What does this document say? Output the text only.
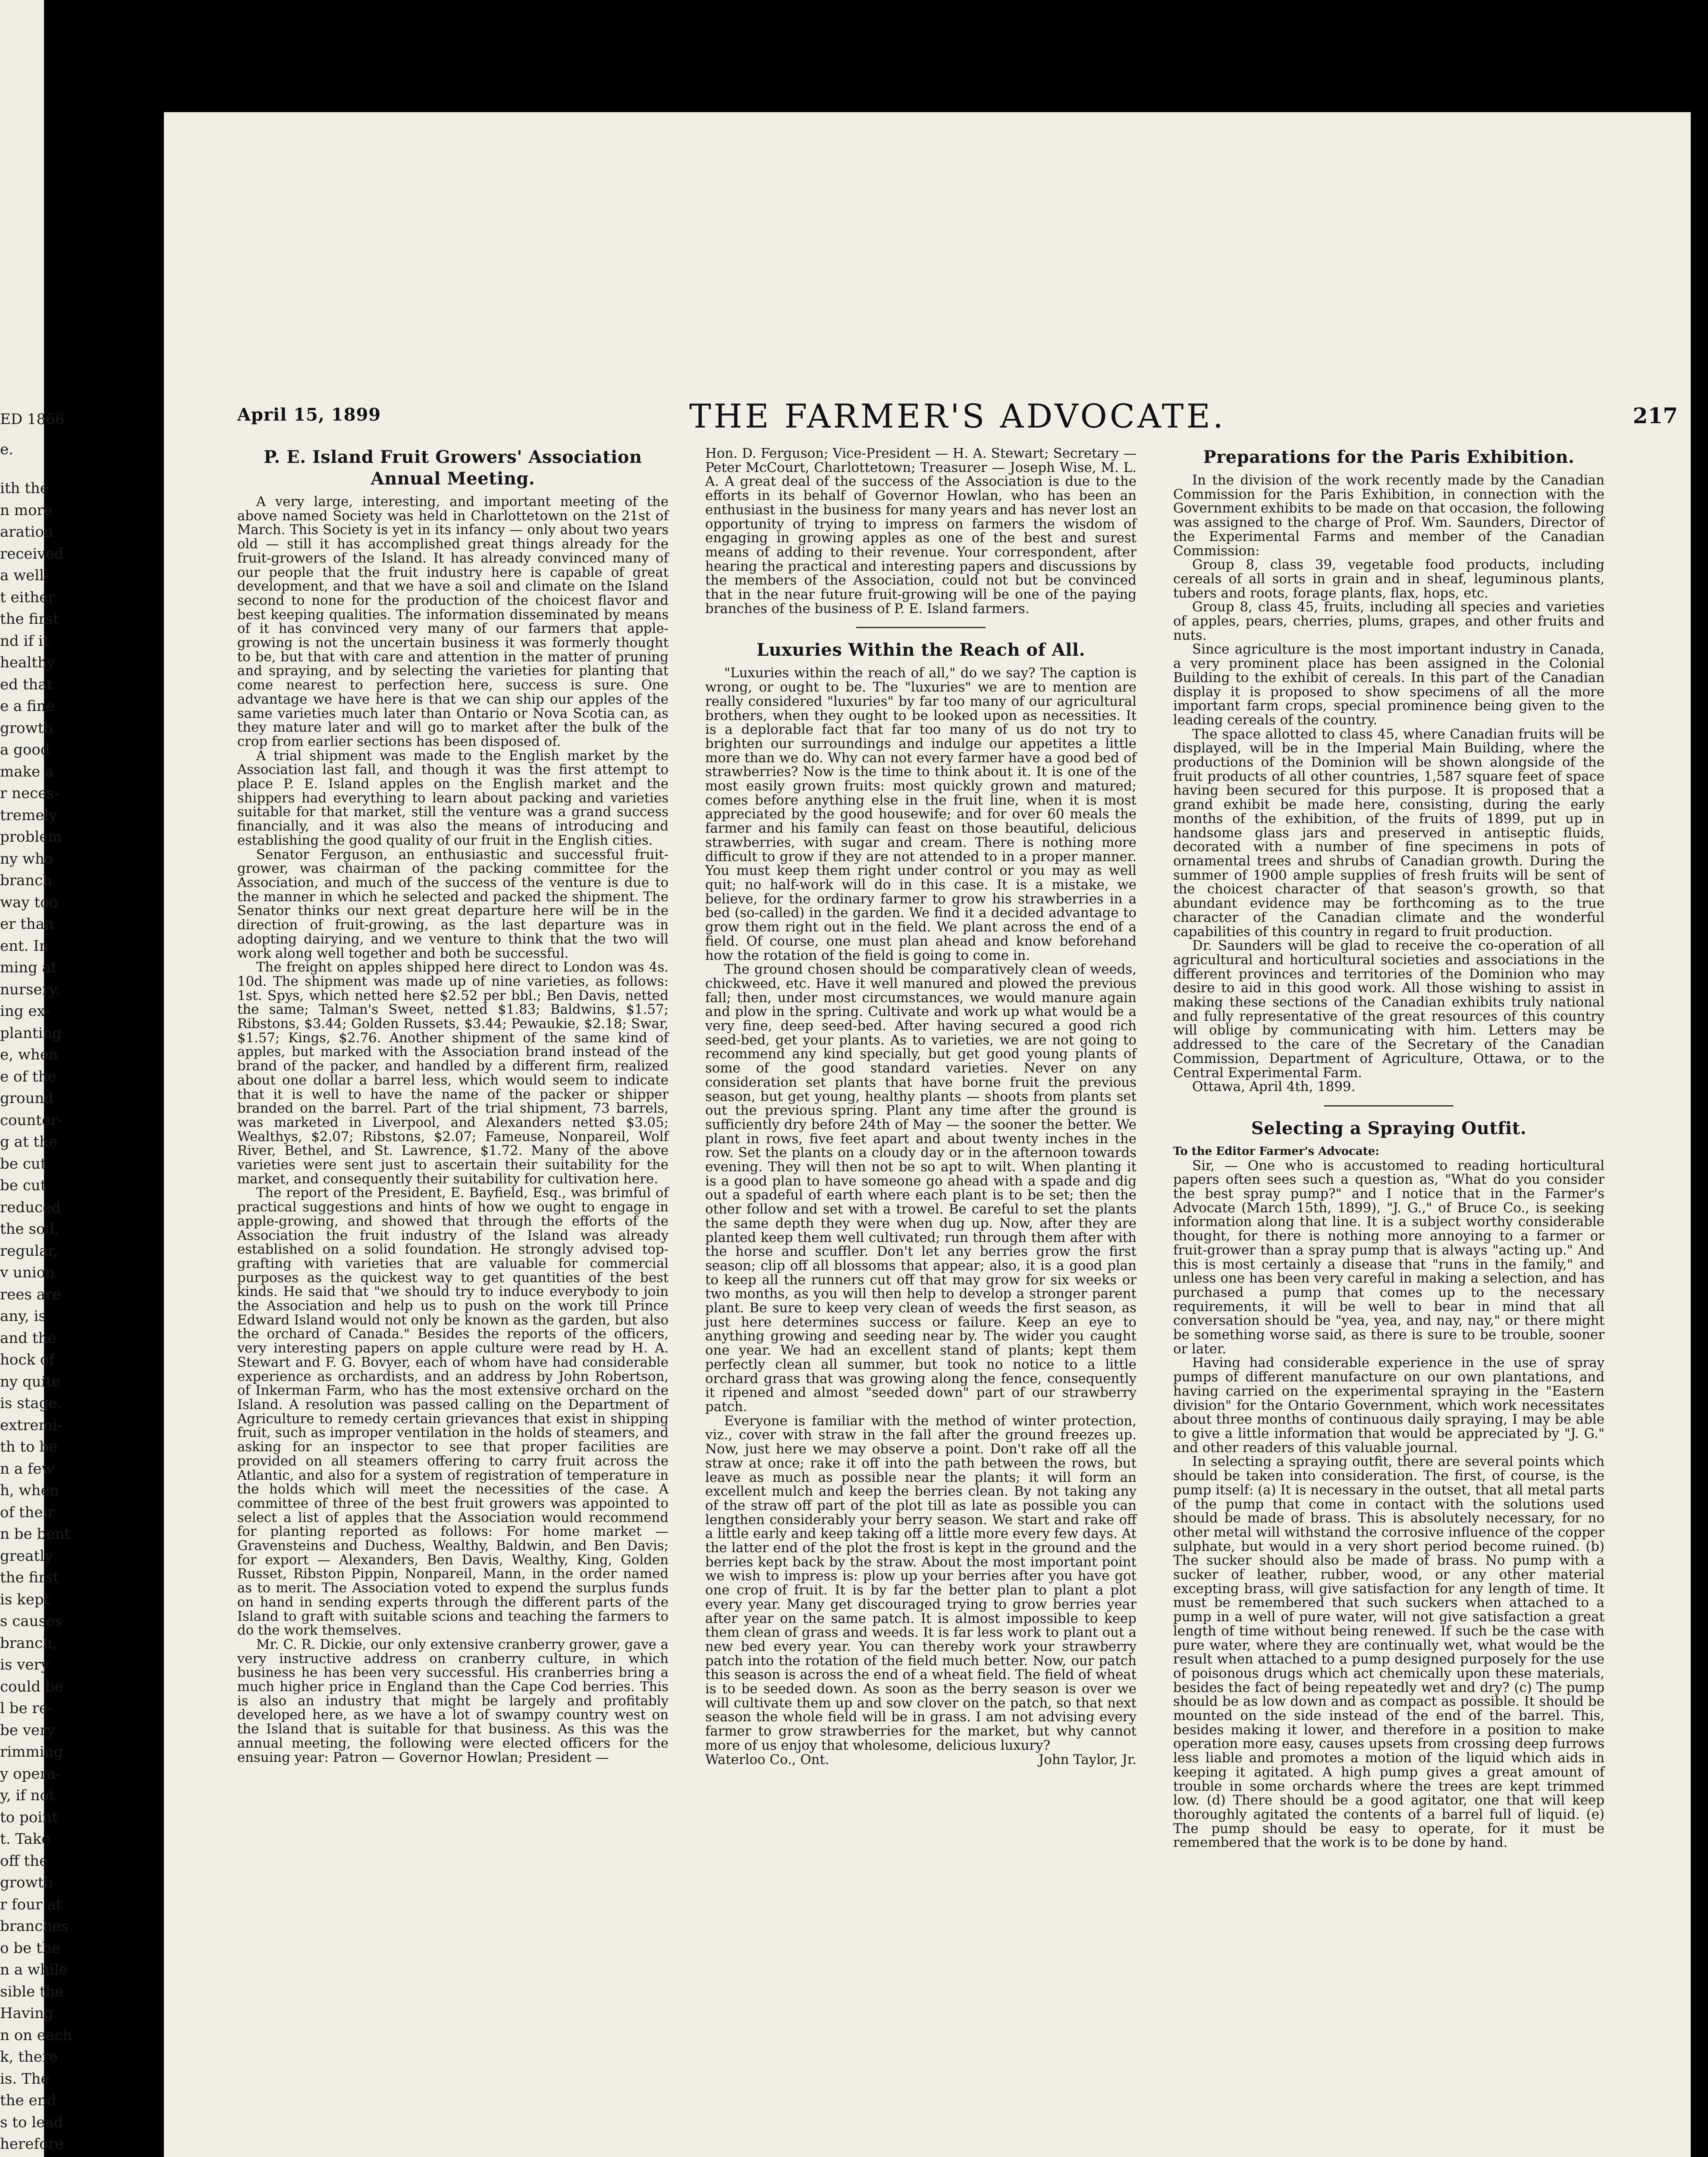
ED 1866
e.
ith the
n more
aration
received
a well-
t either
the first
nd if it
healthy
ed that
e a fine
growth
a good
make a
r neces-
tremely
problem
ny who
branch
way too
er than
ent. In
ming at
nursery.
ing ex-
planting
e, when
e of the
ground
counter-
g at the
be cut
be cut
reduced
the soil,
regular,
v union
rees are
any, is
and the
hock of
ny quite
is stage.
extremi-
th to be
n a few
h, when
of their
n be bent
greatly
the first
is kept
s causes
branch,
is very
could be
l be re-
be very
rimming
y opera-
y, if not
to point
t. Take
off the
growth
r four at
branches
o be the
n a while
sible the
Having
n on each
k, there
is. The
the end
s to lead
herefore
April 15, 1899	THE FARMER'S ADVOCATE.	217
P. E. Island Fruit Growers' Association Annual Meeting.

A very large, interesting, and important meeting of the above named Society was held in Charlottetown on the 21st of March. This Society is yet in its infancy — only about two years old — still it has accomplished great things already for the fruit-growers of the Island. It has already convinced many of our people that the fruit industry here is capable of great development, and that we have a soil and climate on the Island second to none for the production of the choicest flavor and best keeping qualities. The information disseminated by means of it has convinced very many of our farmers that apple-growing is not the uncertain business it was formerly thought to be, but that with care and attention in the matter of pruning and spraying, and by selecting the varieties for planting that come nearest to perfection here, success is sure. One advantage we have here is that we can ship our apples of the same varieties much later than Ontario or Nova Scotia can, as they mature later and will go to market after the bulk of the crop from earlier sections has been disposed of.

A trial shipment was made to the English market by the Association last fall, and though it was the first attempt to place P. E. Island apples on the English market and the shippers had everything to learn about packing and varieties suitable for that market, still the venture was a grand success financially, and it was also the means of introducing and establishing the good quality of our fruit in the English cities.

Senator Ferguson, an enthusiastic and successful fruit-grower, was chairman of the packing committee for the Association, and much of the success of the venture is due to the manner in which he selected and packed the shipment. The Senator thinks our next great departure here will be in the direction of fruit-growing, as the last departure was in adopting dairying, and we venture to think that the two will work along well together and both be successful.

The freight on apples shipped here direct to London was 4s. 10d. The shipment was made up of nine varieties, as follows: 1st. Spys, which netted here $2.52 per bbl.; Ben Davis, netted the same; Talman's Sweet, netted $1.83; Baldwins, $1.57; Ribstons, $3.44; Golden Russets, $3.44; Pewaukie, $2.18; Swar, $1.57; Kings, $2.76. Another shipment of the same kind of apples, but marked with the Association brand instead of the brand of the packer, and handled by a different firm, realized about one dollar a barrel less, which would seem to indicate that it is well to have the name of the packer or shipper branded on the barrel. Part of the trial shipment, 73 barrels, was marketed in Liverpool, and Alexanders netted $3.05; Wealthys, $2.07; Ribstons, $2.07; Fameuse, Nonpareil, Wolf River, Bethel, and St. Lawrence, $1.72. Many of the above varieties were sent just to ascertain their suitability for the market, and consequently their suitability for cultivation here.

The report of the President, E. Bayfield, Esq., was brimful of practical suggestions and hints of how we ought to engage in apple-growing, and showed that through the efforts of the Association the fruit industry of the Island was already established on a solid foundation. He strongly advised top-grafting with varieties that are valuable for commercial purposes as the quickest way to get quantities of the best kinds. He said that "we should try to induce everybody to join the Association and help us to push on the work till Prince Edward Island would not only be known as the garden, but also the orchard of Canada." Besides the reports of the officers, very interesting papers on apple culture were read by H. A. Stewart and F. G. Bovyer, each of whom have had considerable experience as orchardists, and an address by John Robertson, of Inkerman Farm, who has the most extensive orchard on the Island. A resolution was passed calling on the Department of Agriculture to remedy certain grievances that exist in shipping fruit, such as improper ventilation in the holds of steamers, and asking for an inspector to see that proper facilities are provided on all steamers offering to carry fruit across the Atlantic, and also for a system of registration of temperature in the holds which will meet the necessities of the case. A committee of three of the best fruit growers was appointed to select a list of apples that the Association would recommend for planting reported as follows: For home market — Gravensteins and Duchess, Wealthy, Baldwin, and Ben Davis; for export — Alexanders, Ben Davis, Wealthy, King, Golden Russet, Ribston Pippin, Nonpareil, Mann, in the order named as to merit. The Association voted to expend the surplus funds on hand in sending experts through the different parts of the Island to graft with suitable scions and teaching the farmers to do the work themselves.

Mr. C. R. Dickie, our only extensive cranberry grower, gave a very instructive address on cranberry culture, in which business he has been very successful. His cranberries bring a much higher price in England than the Cape Cod berries. This is also an industry that might be largely and profitably developed here, as we have a lot of swampy country west on the Island that is suitable for that business. As this was the annual meeting, the following were elected officers for the ensuing year: Patron — Governor Howlan; President —

Hon. D. Ferguson; Vice-President — H. A. Stewart; Secretary — Peter McCourt, Charlottetown; Treasurer — Joseph Wise, M. L. A. A great deal of the success of the Association is due to the efforts in its behalf of Governor Howlan, who has been an enthusiast in the business for many years and has never lost an opportunity of trying to impress on farmers the wisdom of engaging in growing apples as one of the best and surest means of adding to their revenue. Your correspondent, after hearing the practical and interesting papers and discussions by the members of the Association, could not but be convinced that in the near future fruit-growing will be one of the paying branches of the business of P. E. Island farmers.

Luxuries Within the Reach of All.

"Luxuries within the reach of all," do we say? The caption is wrong, or ought to be. The "luxuries" we are to mention are really considered "luxuries" by far too many of our agricultural brothers, when they ought to be looked upon as necessities. It is a deplorable fact that far too many of us do not try to brighten our surroundings and indulge our appetites a little more than we do. Why can not every farmer have a good bed of strawberries? Now is the time to think about it. It is one of the most easily grown fruits: most quickly grown and matured; comes before anything else in the fruit line, when it is most appreciated by the good housewife; and for over 60 meals the farmer and his family can feast on those beautiful, delicious strawberries, with sugar and cream. There is nothing more difficult to grow if they are not attended to in a proper manner. You must keep them right under control or you may as well quit; no half-work will do in this case. It is a mistake, we believe, for the ordinary farmer to grow his strawberries in a bed (so-called) in the garden. We find it a decided advantage to grow them right out in the field. We plant across the end of a field. Of course, one must plan ahead and know beforehand how the rotation of the field is going to come in.

The ground chosen should be comparatively clean of weeds, chickweed, etc. Have it well manured and plowed the previous fall; then, under most circumstances, we would manure again and plow in the spring. Cultivate and work up what would be a very fine, deep seed-bed. After having secured a good rich seed-bed, get your plants. As to varieties, we are not going to recommend any kind specially, but get good young plants of some of the good standard varieties. Never on any consideration set plants that have borne fruit the previous season, but get young, healthy plants — shoots from plants set out the previous spring. Plant any time after the ground is sufficiently dry before 24th of May — the sooner the better. We plant in rows, five feet apart and about twenty inches in the row. Set the plants on a cloudy day or in the afternoon towards evening. They will then not be so apt to wilt. When planting it is a good plan to have someone go ahead with a spade and dig out a spadeful of earth where each plant is to be set; then the other follow and set with a trowel. Be careful to set the plants the same depth they were when dug up. Now, after they are planted keep them well cultivated; run through them after with the horse and scuffler. Don't let any berries grow the first season; clip off all blossoms that appear; also, it is a good plan to keep all the runners cut off that may grow for six weeks or two months, as you will then help to develop a stronger parent plant. Be sure to keep very clean of weeds the first season, as just here determines success or failure. Keep an eye to anything growing and seeding near by. The wider you caught one year. We had an excellent stand of plants; kept them perfectly clean all summer, but took no notice to a little orchard grass that was growing along the fence, consequently it ripened and almost "seeded down" part of our strawberry patch.

Everyone is familiar with the method of winter protection, viz., cover with straw in the fall after the ground freezes up. Now, just here we may observe a point. Don't rake off all the straw at once; rake it off into the path between the rows, but leave as much as possible near the plants; it will form an excellent mulch and keep the berries clean. By not taking any of the straw off part of the plot till as late as possible you can lengthen considerably your berry season. We start and rake off a little early and keep taking off a little more every few days. At the latter end of the plot the frost is kept in the ground and the berries kept back by the straw. About the most important point we wish to impress is: plow up your berries after you have got one crop of fruit. It is by far the better plan to plant a plot every year. Many get discouraged trying to grow berries year after year on the same patch. It is almost impossible to keep them clean of grass and weeds. It is far less work to plant out a new bed every year. You can thereby work your strawberry patch into the rotation of the field much better. Now, our patch this season is across the end of a wheat field. The field of wheat is to be seeded down. As soon as the berry season is over we will cultivate them up and sow clover on the patch, so that next season the whole field will be in grass. I am not advising every farmer to grow strawberries for the market, but why cannot more of us enjoy that wholesome, delicious luxury?

Waterloo Co., Ont.	John Taylor, Jr.

Preparations for the Paris Exhibition.

In the division of the work recently made by the Canadian Commission for the Paris Exhibition, in connection with the Government exhibits to be made on that occasion, the following was assigned to the charge of Prof. Wm. Saunders, Director of the Experimental Farms and member of the Canadian Commission:

Group 8, class 39, vegetable food products, including cereals of all sorts in grain and in sheaf, leguminous plants, tubers and roots, forage plants, flax, hops, etc.

Group 8, class 45, fruits, including all species and varieties of apples, pears, cherries, plums, grapes, and other fruits and nuts.

Since agriculture is the most important industry in Canada, a very prominent place has been assigned in the Colonial Building to the exhibit of cereals. In this part of the Canadian display it is proposed to show specimens of all the more important farm crops, special prominence being given to the leading cereals of the country.

The space allotted to class 45, where Canadian fruits will be displayed, will be in the Imperial Main Building, where the productions of the Dominion will be shown alongside of the fruit products of all other countries, 1,587 square feet of space having been secured for this purpose. It is proposed that a grand exhibit be made here, consisting, during the early months of the exhibition, of the fruits of 1899, put up in handsome glass jars and preserved in antiseptic fluids, decorated with a number of fine specimens in pots of ornamental trees and shrubs of Canadian growth. During the summer of 1900 ample supplies of fresh fruits will be sent of the choicest character of that season's growth, so that abundant evidence may be forthcoming as to the true character of the Canadian climate and the wonderful capabilities of this country in regard to fruit production.

Dr. Saunders will be glad to receive the co-operation of all agricultural and horticultural societies and associations in the different provinces and territories of the Dominion who may desire to aid in this good work. All those wishing to assist in making these sections of the Canadian exhibits truly national and fully representative of the great resources of this country will oblige by communicating with him. Letters may be addressed to the care of the Secretary of the Canadian Commission, Department of Agriculture, Ottawa, or to the Central Experimental Farm.

Ottawa, April 4th, 1899.

Selecting a Spraying Outfit.

To the Editor Farmer's Advocate:

Sir, — One who is accustomed to reading horticultural papers often sees such a question as, "What do you consider the best spray pump?" and I notice that in the Farmer's Advocate (March 15th, 1899), "J. G.," of Bruce Co., is seeking information along that line. It is a subject worthy considerable thought, for there is nothing more annoying to a farmer or fruit-grower than a spray pump that is always "acting up." And this is most certainly a disease that "runs in the family," and unless one has been very careful in making a selection, and has purchased a pump that comes up to the necessary requirements, it will be well to bear in mind that all conversation should be "yea, yea, and nay, nay," or there might be something worse said, as there is sure to be trouble, sooner or later.

Having had considerable experience in the use of spray pumps of different manufacture on our own plantations, and having carried on the experimental spraying in the "Eastern division" for the Ontario Government, which work necessitates about three months of continuous daily spraying, I may be able to give a little information that would be appreciated by "J. G." and other readers of this valuable journal.

In selecting a spraying outfit, there are several points which should be taken into consideration. The first, of course, is the pump itself: (a) It is necessary in the outset, that all metal parts of the pump that come in contact with the solutions used should be made of brass. This is absolutely necessary, for no other metal will withstand the corrosive influence of the copper sulphate, but would in a very short period become ruined. (b) The sucker should also be made of brass. No pump with a sucker of leather, rubber, wood, or any other material excepting brass, will give satisfaction for any length of time. It must be remembered that such suckers when attached to a pump in a well of pure water, will not give satisfaction a great length of time without being renewed. If such be the case with pure water, where they are continually wet, what would be the result when attached to a pump designed purposely for the use of poisonous drugs which act chemically upon these materials, besides the fact of being repeatedly wet and dry? (c) The pump should be as low down and as compact as possible. It should be mounted on the side instead of the end of the barrel. This, besides making it lower, and therefore in a position to make operation more easy, causes upsets from crossing deep furrows less liable and promotes a motion of the liquid which aids in keeping it agitated. A high pump gives a great amount of trouble in some orchards where the trees are kept trimmed low. (d) There should be a good agitator, one that will keep thoroughly agitated the contents of a barrel full of liquid. (e) The pump should be easy to operate, for it must be remembered that the work is to be done by hand.
